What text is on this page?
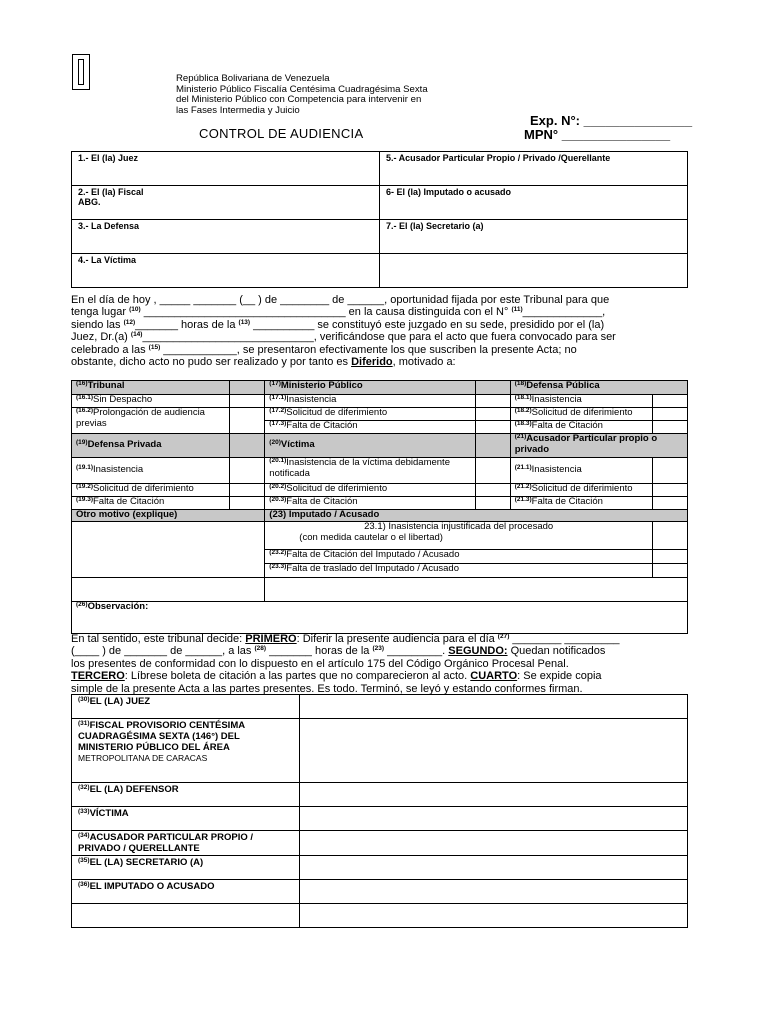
República Bolivariana de Venezuela
Ministerio Público Fiscalía Centésima Cuadragésima Sexta
del Ministerio Público con Competencia para intervenir en
las Fases Intermedia y Juicio
Exp. N°: _______________
MPN° _______________
CONTROL DE AUDIENCIA
1.- El (la) Juez	5.- Acusador Particular Propio / Privado /Querellante
2.- El (la) Fiscal
ABG.	6- El (la) Imputado o acusado
3.- La Defensa	7.- El (la) Secretario (a)
4.- La Víctima	
En el día de hoy , _____ _______ (__ ) de ________ de ______, oportunidad fijada por este Tribunal para que
tenga lugar $^{(10)}$ _________________________________ en la causa distinguida con el N° $^{(11)}$_____________,
siendo las $^{(12)}$_______ horas de la $^{(13)}$ __________ se constituyó este juzgado en su sede, presidido por el (la)
Juez, Dr.(a) $^{(14)}$____________________________, verificándose que para el acto que fuera convocado para ser
celebrado a las $^{(15)}$ ____________, se presentaron efectivamente los que suscriben la presente Acta; no
obstante, dicho acto no pudo ser realizado y por tanto es Diferido, motivado a:
$^{(16)}$Tribunal		$^{(17)}$Ministerio Público		$^{(18)}$Defensa Pública	
$^{(16.1)}$Sin Despacho		$^{(17.1)}$Inasistencia		$^{(18.1)}$Inasistencia	
$^{(16.2)}$Prolongación de audiencia previas		$^{(17.2)}$Solicitud de diferimiento		$^{(18.2)}$Solicitud de diferimiento	
		$^{(17.3)}$Falta de Citación		$^{(18.3)}$Falta de Citación	
$^{(19)}$Defensa Privada		$^{(20)}$Víctima		$^{(21)}$Acusador Particular propio o privado	
$^{(19.1)}$Inasistencia		$^{(20.1)}$Inasistencia de la víctima debidamente notificada		$^{(21.1)}$Inasistencia	
$^{(19.2)}$Solicitud de diferimiento		$^{(20.2)}$Solicitud de diferimiento		$^{(21.2)}$Solicitud de diferimiento	
$^{(19.3)}$Falta de Citación		$^{(20.3)}$Falta de Citación		$^{(21.3)}$Falta de Citación	
Otro motivo (explique)		(23) Imputado / Acusado			

		23.1) Inasistencia injustificada del procesado
(con medida cautelar o el libertad)			

		$^{(23.2)}$Falta de Citación del Imputado / Acusado			
		$^{(23.3)}$Falta de traslado del Imputado / Acusado			

$^{(26)}$Observación:					
En tal sentido, este tribunal decide: PRIMERO: Diferir la presente audiencia para el día $^{(27)}$ ________ _________
(____ ) de _______ de ______, a las $^{(28)}$ _______ horas de la $^{(23)}$ _________. SEGUNDO: Quedan notificados
los presentes de conformidad con lo dispuesto en el artículo 175 del Código Orgánico Procesal Penal.
TERCERO: Líbrese boleta de citación a las partes que no comparecieron al acto. CUARTO: Se expide copia
simple de la presente Acta a las partes presentes. Es todo. Terminó, se leyó y estando conformes firman.
$^{(30)}$EL (LA) JUEZ	
$^{(31)}$FISCAL PROVISORIO CENTÉSIMA CUADRAGÉSIMA SEXTA (146°) DEL MINISTERIO PÚBLICO DEL ÁREA
METROPOLITANA DE CARACAS	

$^{(32)}$EL (LA) DEFENSOR	
$^{(33)}$VÍCTIMA	
$^{(34)}$ACUSADOR PARTICULAR PROPIO / PRIVADO / QUERELLANTE	
$^{(35)}$EL (LA) SECRETARIO (A)	
$^{(36)}$EL IMPUTADO O ACUSADO	
